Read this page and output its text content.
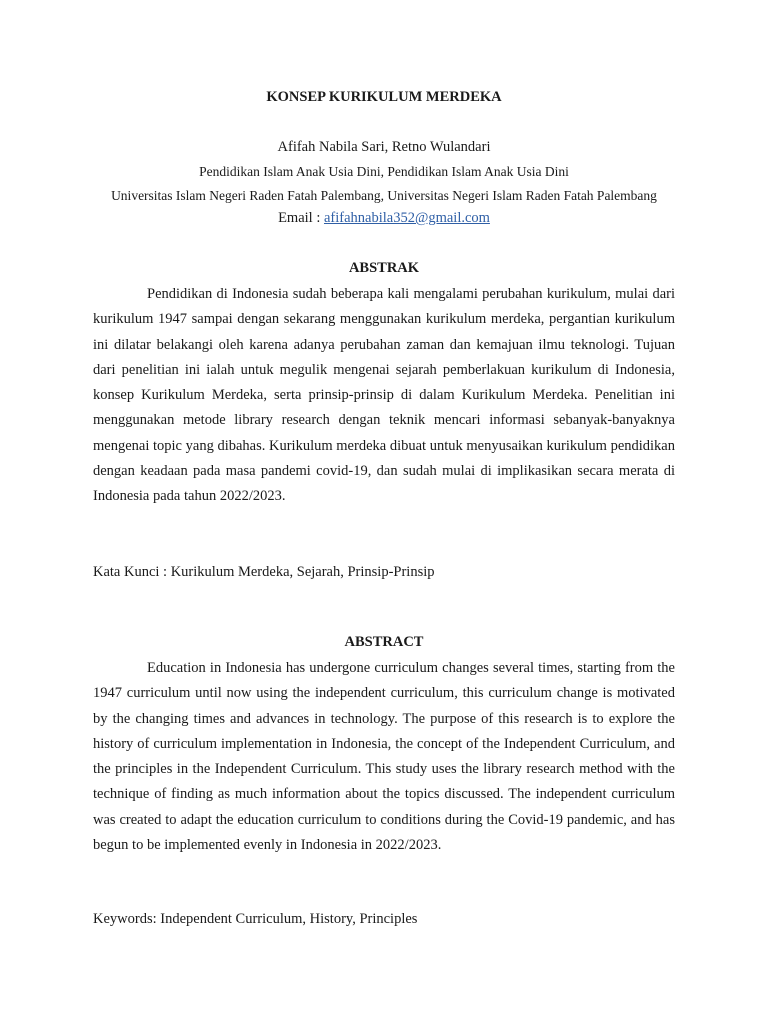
KONSEP KURIKULUM MERDEKA
Afifah Nabila Sari, Retno Wulandari
Pendidikan Islam Anak Usia Dini, Pendidikan Islam Anak Usia Dini
Universitas Islam Negeri Raden Fatah Palembang, Universitas Negeri Islam Raden Fatah Palembang
Email : afifahnabila352@gmail.com
ABSTRAK

Pendidikan di Indonesia sudah beberapa kali mengalami perubahan kurikulum, mulai dari kurikulum 1947 sampai dengan sekarang menggunakan kurikulum merdeka, pergantian kurikulum ini dilatar belakangi oleh karena adanya perubahan zaman dan kemajuan ilmu teknologi. Tujuan dari penelitian ini ialah untuk megulik mengenai sejarah pemberlakuan kurikulum di Indonesia, konsep Kurikulum Merdeka, serta prinsip-prinsip di dalam Kurikulum Merdeka. Penelitian ini menggunakan metode library research dengan teknik mencari informasi sebanyak-banyaknya mengenai topic yang dibahas. Kurikulum merdeka dibuat untuk menyusaikan kurikulum pendidikan dengan keadaan pada masa pandemi covid-19, dan sudah mulai di implikasikan secara merata di Indonesia pada tahun 2022/2023.

Kata Kunci : Kurikulum Merdeka, Sejarah, Prinsip-Prinsip
ABSTRACT

Education in Indonesia has undergone curriculum changes several times, starting from the 1947 curriculum until now using the independent curriculum, this curriculum change is motivated by the changing times and advances in technology. The purpose of this research is to explore the history of curriculum implementation in Indonesia, the concept of the Independent Curriculum, and the principles in the Independent Curriculum. This study uses the library research method with the technique of finding as much information about the topics discussed. The independent curriculum was created to adapt the education curriculum to conditions during the Covid-19 pandemic, and has begun to be implemented evenly in Indonesia in 2022/2023.

Keywords: Independent Curriculum, History, Principles
